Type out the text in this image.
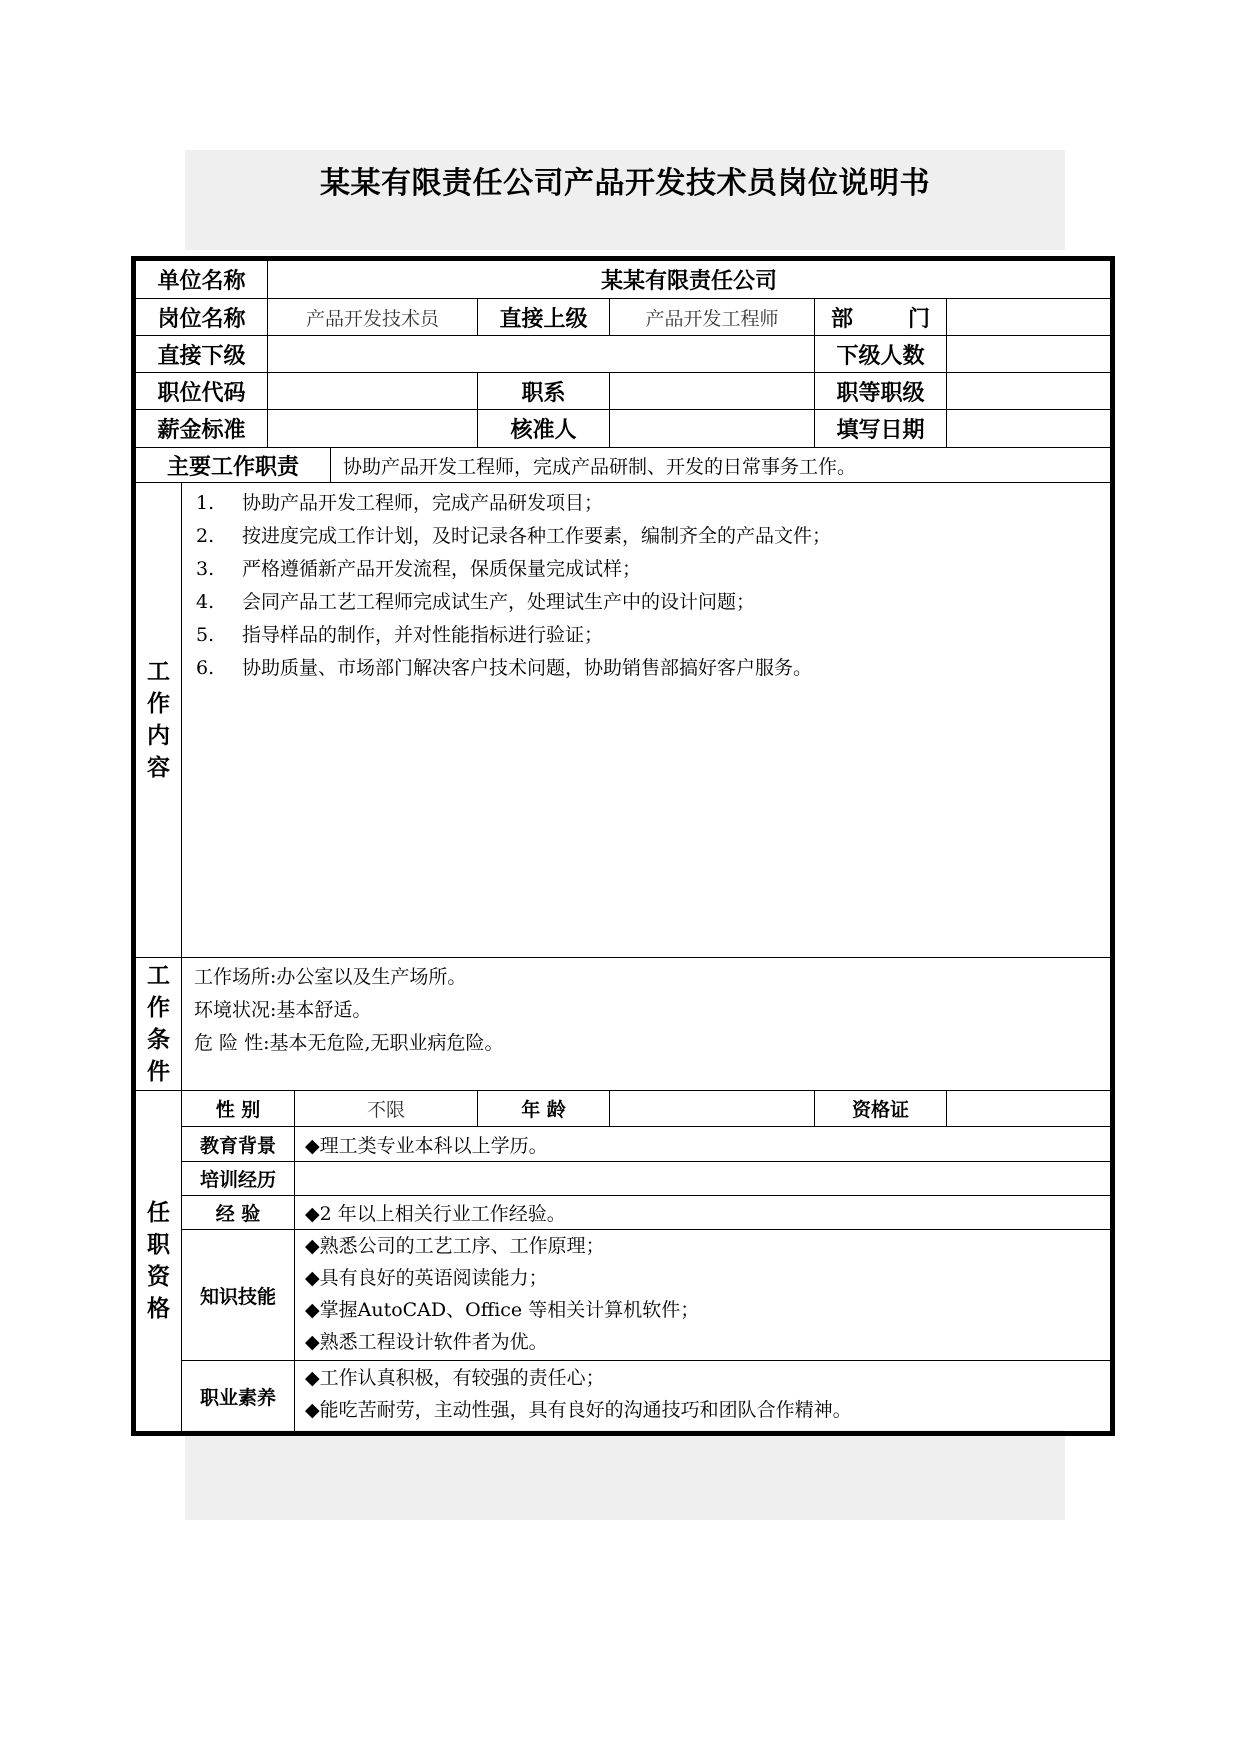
某某有限责任公司产品开发技术员岗位说明书
单位名称	某某有限责任公司
岗位名称	产品开发技术员	直接上级	产品开发工程师	部 门
直接下级	下级人数
职位代码	职系	职等职级
薪金标准	核准人	填写日期
主要工作职责	协助产品开发工程师，完成产品研制、开发的日常事务工作。
工
作
内
容
1.	协助产品开发工程师，完成产品研发项目；
2.	按进度完成工作计划，及时记录各种工作要素，编制齐全的产品文件；
3.	严格遵循新产品开发流程，保质保量完成试样；
4.	会同产品工艺工程师完成试生产，处理试生产中的设计问题；
5.	指导样品的制作，并对性能指标进行验证；
6.	协助质量、市场部门解决客户技术问题，协助销售部搞好客户服务。
工
作
条
件
工作场所:办公室以及生产场所。
环境状况:基本舒适。
危 险 性:基本无危险,无职业病危险。
任
职
资
格
性 别	不限	年 龄	资格证
教育背景	◆理工类专业本科以上学历。
培训经历
经 验	◆2 年以上相关行业工作经验。
知识技能
◆熟悉公司的工艺工序、工作原理；
◆具有良好的英语阅读能力；
◆掌握AutoCAD、Office 等相关计算机软件；
◆熟悉工程设计软件者为优。
职业素养
◆工作认真积极，有较强的责任心；
◆能吃苦耐劳，主动性强，具有良好的沟通技巧和团队合作精神。
